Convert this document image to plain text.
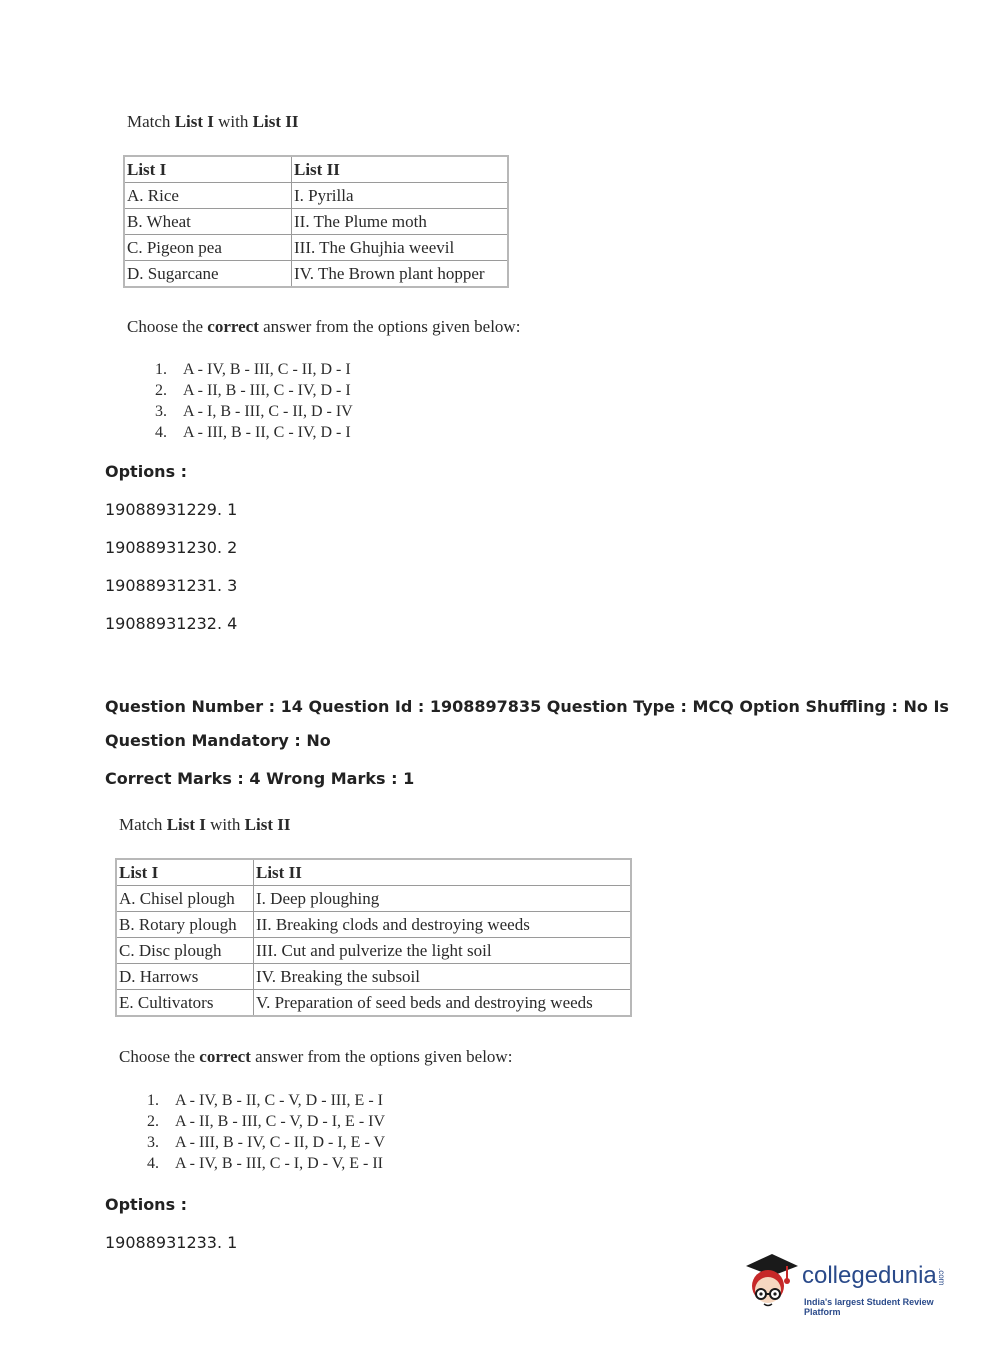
Match List I with List II
List I	List II
A. Rice	I. Pyrilla
B. Wheat	II. The Plume moth
C. Pigeon pea	III. The Ghujhia weevil
D. Sugarcane	IV. The Brown plant hopper
Choose the correct answer from the options given below:
1. A - IV, B - III, C - II, D - I
2. A - II, B - III, C - IV, D - I
3. A - I, B - III, C - II, D - IV
4. A - III, B - II, C - IV, D - I
Options :
19088931229. 1
19088931230. 2
19088931231. 3
19088931232. 4
Question Number : 14 Question Id : 1908897835 Question Type : MCQ Option Shuffling : No Is
Question Mandatory : No
Correct Marks : 4 Wrong Marks : 1
Match List I with List II
List I	List II
A. Chisel plough	I. Deep ploughing
B. Rotary plough	II. Breaking clods and destroying weeds
C. Disc plough	III. Cut and pulverize the light soil
D. Harrows	IV. Breaking the subsoil
E. Cultivators	V. Preparation of seed beds and destroying weeds
Choose the correct answer from the options given below:
1. A - IV, B - II, C - V, D - III, E - I
2. A - II, B - III, C - V, D - I, E - IV
3. A - III, B - IV, C - II, D - I, E - V
4. A - IV, B - III, C - I, D - V, E - II
Options :
19088931233. 1
collegedunia.com
India's largest Student Review Platform
